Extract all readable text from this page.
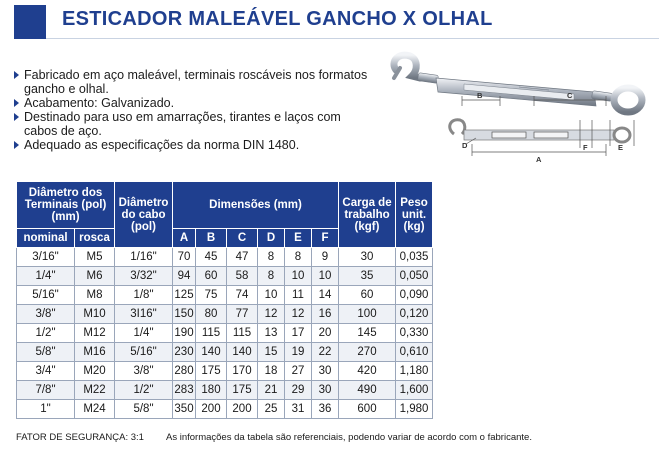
ESTICADOR MALEÁVEL GANCHO X OLHAL
Fabricado em aço maleável, terminais roscáveis nos formatos gancho e olhal.
Acabamento: Galvanizado.
Destinado para uso em amarrações, tirantes e laços com cabos de aço.
Adequado as especificações da norma DIN 1480.
B	C
A
D	E
F
Diâmetro dos Terminais (pol) (mm)		Diâmetro do cabo (pol)	Dimensões (mm)						Carga de trabalho (kgf)	Peso unit. (kg)
nominal	rosca		A	B	C	D	E	F		
3/16"	M5	1/16"	70	45	47	8	8	9	30	0,035
1/4"	M6	3/32"	94	60	58	8	10	10	35	0,050
5/16"	M8	1/8"	125	75	74	10	11	14	60	0,090
3/8"	M10	3I16"	150	80	77	12	12	16	100	0,120
1/2"	M12	1/4"	190	115	115	13	17	20	145	0,330
5/8"	M16	5/16"	230	140	140	15	19	22	270	0,610
3/4"	M20	3/8"	280	175	170	18	27	30	420	1,180
7/8"	M22	1/2"	283	180	175	21	29	30	490	1,600
1"	M24	5/8"	350	200	200	25	31	36	600	1,980
FATOR DE SEGURANÇA: 3:1 As informações da tabela são referenciais, podendo variar de acordo com o fabricante.
